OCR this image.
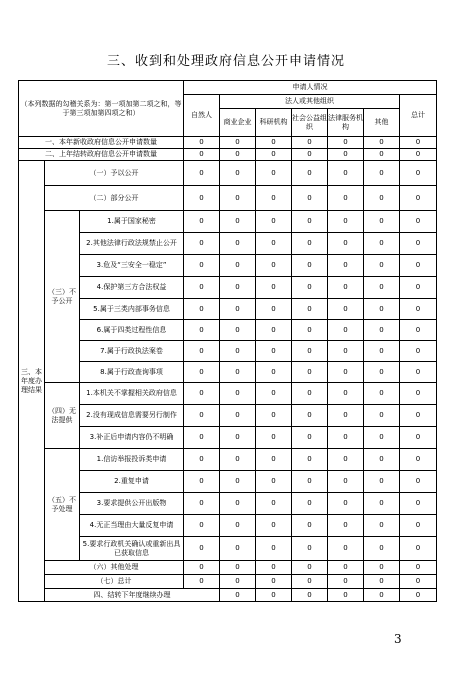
三、收到和处理政府信息公开申请情况
（本列数据的勾稽关系为：第一项加第二项之和，等于第三项加第四项之和）			申请人情况							
			自然人	法人或其他组织					总计	
				商业企业	科研机构	社会公益组织	法律服务机构	其他		
一、本年新收政府信息公开申请数量			0	0	0	0	0	0	0	
二、上年结转政府信息公开申请数量			0	0	0	0	0	0	0	
三、本年度办理结果	（一）予以公开		0	0	0	0	0	0	0	
	（二）部分公开		0	0	0	0	0	0	0	
	（三）不予公开	1.属于国家秘密	0	0	0	0	0	0	0	
		2.其他法律行政法规禁止公开	0	0	0	0	0	0	0	
		3.危及“三安全一稳定”	0	0	0	0	0	0	0	
		4.保护第三方合法权益	0	0	0	0	0	0	0	
		5.属于三类内部事务信息	0	0	0	0	0	0	0	
		6.属于四类过程性信息	0	0	0	0	0	0	0	
		7.属于行政执法案卷	0	0	0	0	0	0	0	
		8.属于行政查询事项	0	0	0	0	0	0	0	
	（四）无法提供	1.本机关不掌握相关政府信息	0	0	0	0	0	0	0	
		2.没有现成信息需要另行制作	0	0	0	0	0	0	0	
		3.补正后申请内容仍不明确	0	0	0	0	0	0	0	
	（五）不予处理	1.信访举报投诉类申请	0	0	0	0	0	0	0	
		2.重复申请	0	0	0	0	0	0	0	
		3.要求提供公开出版物	0	0	0	0	0	0	0	
		4.无正当理由大量反复申请	0	0	0	0	0	0	0	
		5.要求行政机关确认或重新出具已获取信息	0	0	0	0	0	0	0	
	（六）其他处理		0	0	0	0	0	0	0	
	（七）总计		0	0	0	0	0	0	0	
	四、结转下年度继续办理			0	0	0	0	0	0	
3
